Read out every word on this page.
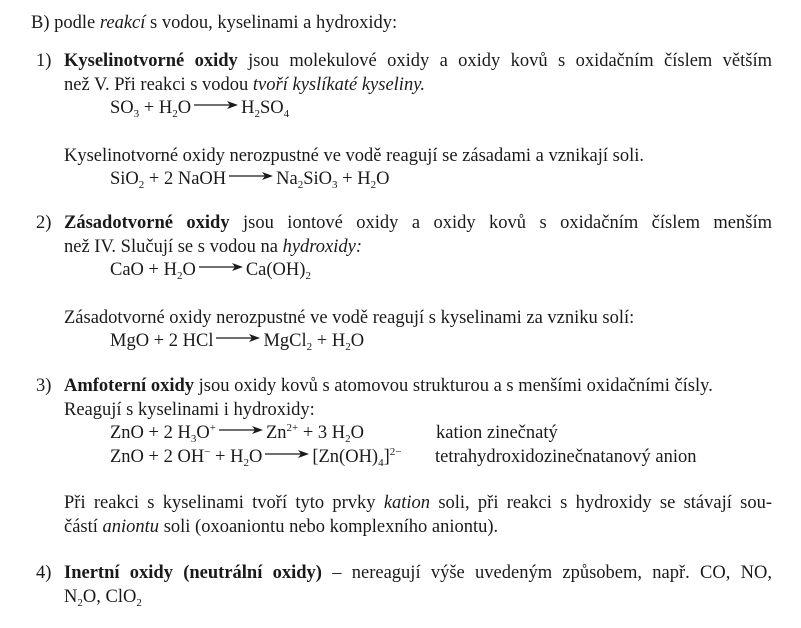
B) podle reakcí s vodou, kyselinami a hydroxidy:
1) Kyselinotvorné oxidy jsou molekulové oxidy a oxidy kovů s oxidačním číslem větším
než V. Při reakci s vodou tvoří kyslíkaté kyseliny.
$SO_3 + H_2O \to H_2SO_4$
Kyselinotvorné oxidy nerozpustné ve vodě reagují se zásadami a vznikají soli.
SiO$_2$ + 2 NaOH → $Na_2SiO_3 + H_2O$
2) Zásadotvorné oxidy jsou iontové oxidy a oxidy kovů s oxidačním číslem menším
než IV. Slučují se s vodou na hydroxidy:
CaO + $H_2O \to Ca(OH)_2$
Zásadotvorné oxidy nerozpustné ve vodě reagují s kyselinami za vzniku solí:
MgO + 2 HCl → MgCl$_2$ + $H_2O$
3) Amfoterní oxidy jsou oxidy kovů s atomovou strukturou a s menšími oxidačními čísly.
Reagují s kyselinami i hydroxidy:
ZnO + 2 $H_3O^+ \to Zn^{2+} + 3$ $H_2O$	kation zinečnatý
ZnO + 2 $OH^- + H_2O \to [Zn(OH)_4]^{2-}$ tetrahydroxidozinečnatanový anion
Při reakci s kyselinami tvoří tyto prvky kation soli, při reakci s hydroxidy se stávají sou-
částí aniontu soli (oxoaniontu nebo komplexního aniontu).
4) Inertní oxidy (neutrální oxidy) – nereagují výše uvedeným způsobem, např. CO, NO,
$N_2O$, ClO$_2$
